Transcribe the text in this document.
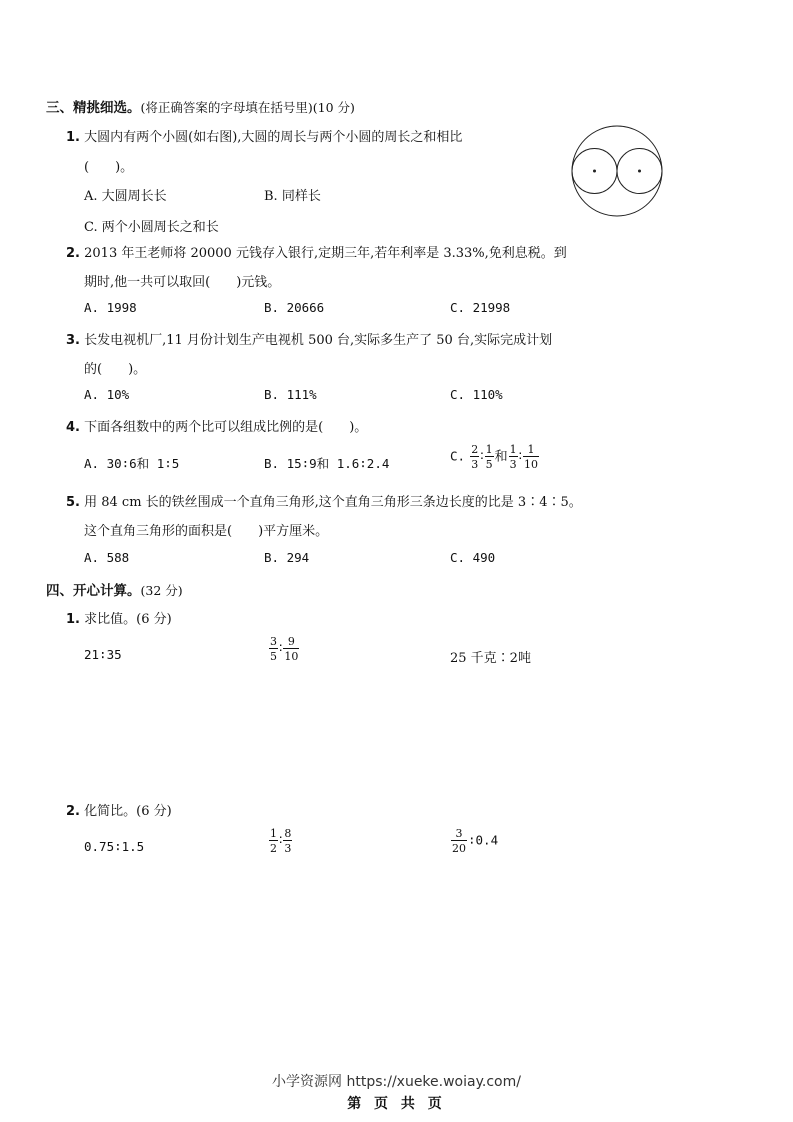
三、精挑细选。(将正确答案的字母填在括号里)(10 分)
1. 大圆内有两个小圆(如右图),大圆的周长与两个小圆的周长之和相比
(　　)。
A. 大圆周长长	B. 同样长
C. 两个小圆周长之和长
2. 2013 年王老师将 20000 元钱存入银行,定期三年,若年利率是 3.33%,免利息税。到
期时,他一共可以取回(　　)元钱。
A. 1998	B. 20666	C. 21998
3. 长发电视机厂,11 月份计划生产电视机 500 台,实际多生产了 50 台,实际完成计划
的(　　)。
A. 10%	B. 111%	C. 110%
4. 下面各组数中的两个比可以组成比例的是(　　)。
A. 30∶6和 1∶5	B. 15∶9和 1.6∶2.4	C. $\frac{2}{3}$ ∶ $\frac{1}{5}$ 和 $\frac{1}{3}$ ∶ $\frac{1}{10}$
5. 用 84 cm 长的铁丝围成一个直角三角形,这个直角三角形三条边长度的比是 3∶4∶5。
这个直角三角形的面积是(　　)平方厘米。
A. 588	B. 294	C. 490
四、开心计算。(32 分)
1. 求比值。(6 分)
21∶35	$\frac{3}{5}$ ∶ $\frac{9}{10}$	25 千克∶2吨
2. 化简比。(6 分)
0.75∶1.5	$\frac{1}{2}$ ∶ $\frac{8}{3}$	$\frac{3}{20}$ ∶0.4
小学资源网 https://xueke.woiay.com/
第 页 共 页
